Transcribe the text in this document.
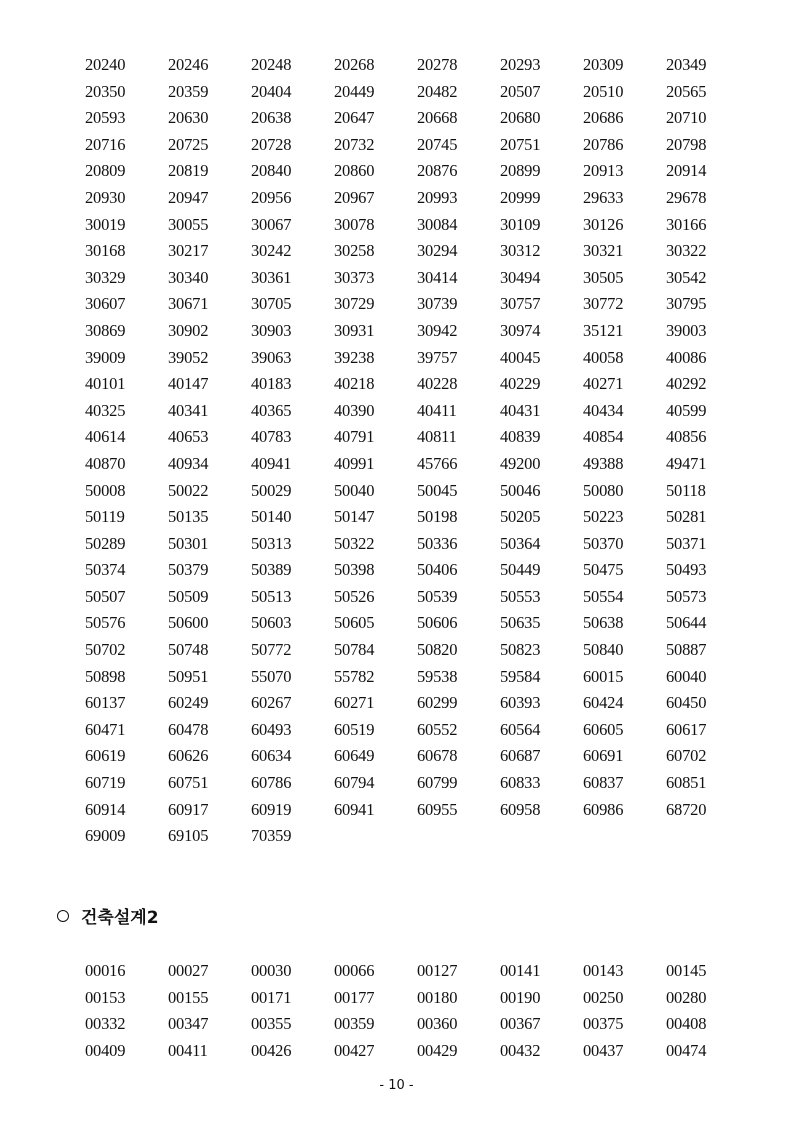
20240	20246	20248	20268	20278	20293	20309	20349
20350	20359	20404	20449	20482	20507	20510	20565
20593	20630	20638	20647	20668	20680	20686	20710
20716	20725	20728	20732	20745	20751	20786	20798
20809	20819	20840	20860	20876	20899	20913	20914
20930	20947	20956	20967	20993	20999	29633	29678
30019	30055	30067	30078	30084	30109	30126	30166
30168	30217	30242	30258	30294	30312	30321	30322
30329	30340	30361	30373	30414	30494	30505	30542
30607	30671	30705	30729	30739	30757	30772	30795
30869	30902	30903	30931	30942	30974	35121	39003
39009	39052	39063	39238	39757	40045	40058	40086
40101	40147	40183	40218	40228	40229	40271	40292
40325	40341	40365	40390	40411	40431	40434	40599
40614	40653	40783	40791	40811	40839	40854	40856
40870	40934	40941	40991	45766	49200	49388	49471
50008	50022	50029	50040	50045	50046	50080	50118
50119	50135	50140	50147	50198	50205	50223	50281
50289	50301	50313	50322	50336	50364	50370	50371
50374	50379	50389	50398	50406	50449	50475	50493
50507	50509	50513	50526	50539	50553	50554	50573
50576	50600	50603	50605	50606	50635	50638	50644
50702	50748	50772	50784	50820	50823	50840	50887
50898	50951	55070	55782	59538	59584	60015	60040
60137	60249	60267	60271	60299	60393	60424	60450
60471	60478	60493	60519	60552	60564	60605	60617
60619	60626	60634	60649	60678	60687	60691	60702
60719	60751	60786	60794	60799	60833	60837	60851
60914	60917	60919	60941	60955	60958	60986	68720
69009	69105	70359
건축설계2
00016	00027	00030	00066	00127	00141	00143	00145
00153	00155	00171	00177	00180	00190	00250	00280
00332	00347	00355	00359	00360	00367	00375	00408
00409	00411	00426	00427	00429	00432	00437	00474
- 10 -
